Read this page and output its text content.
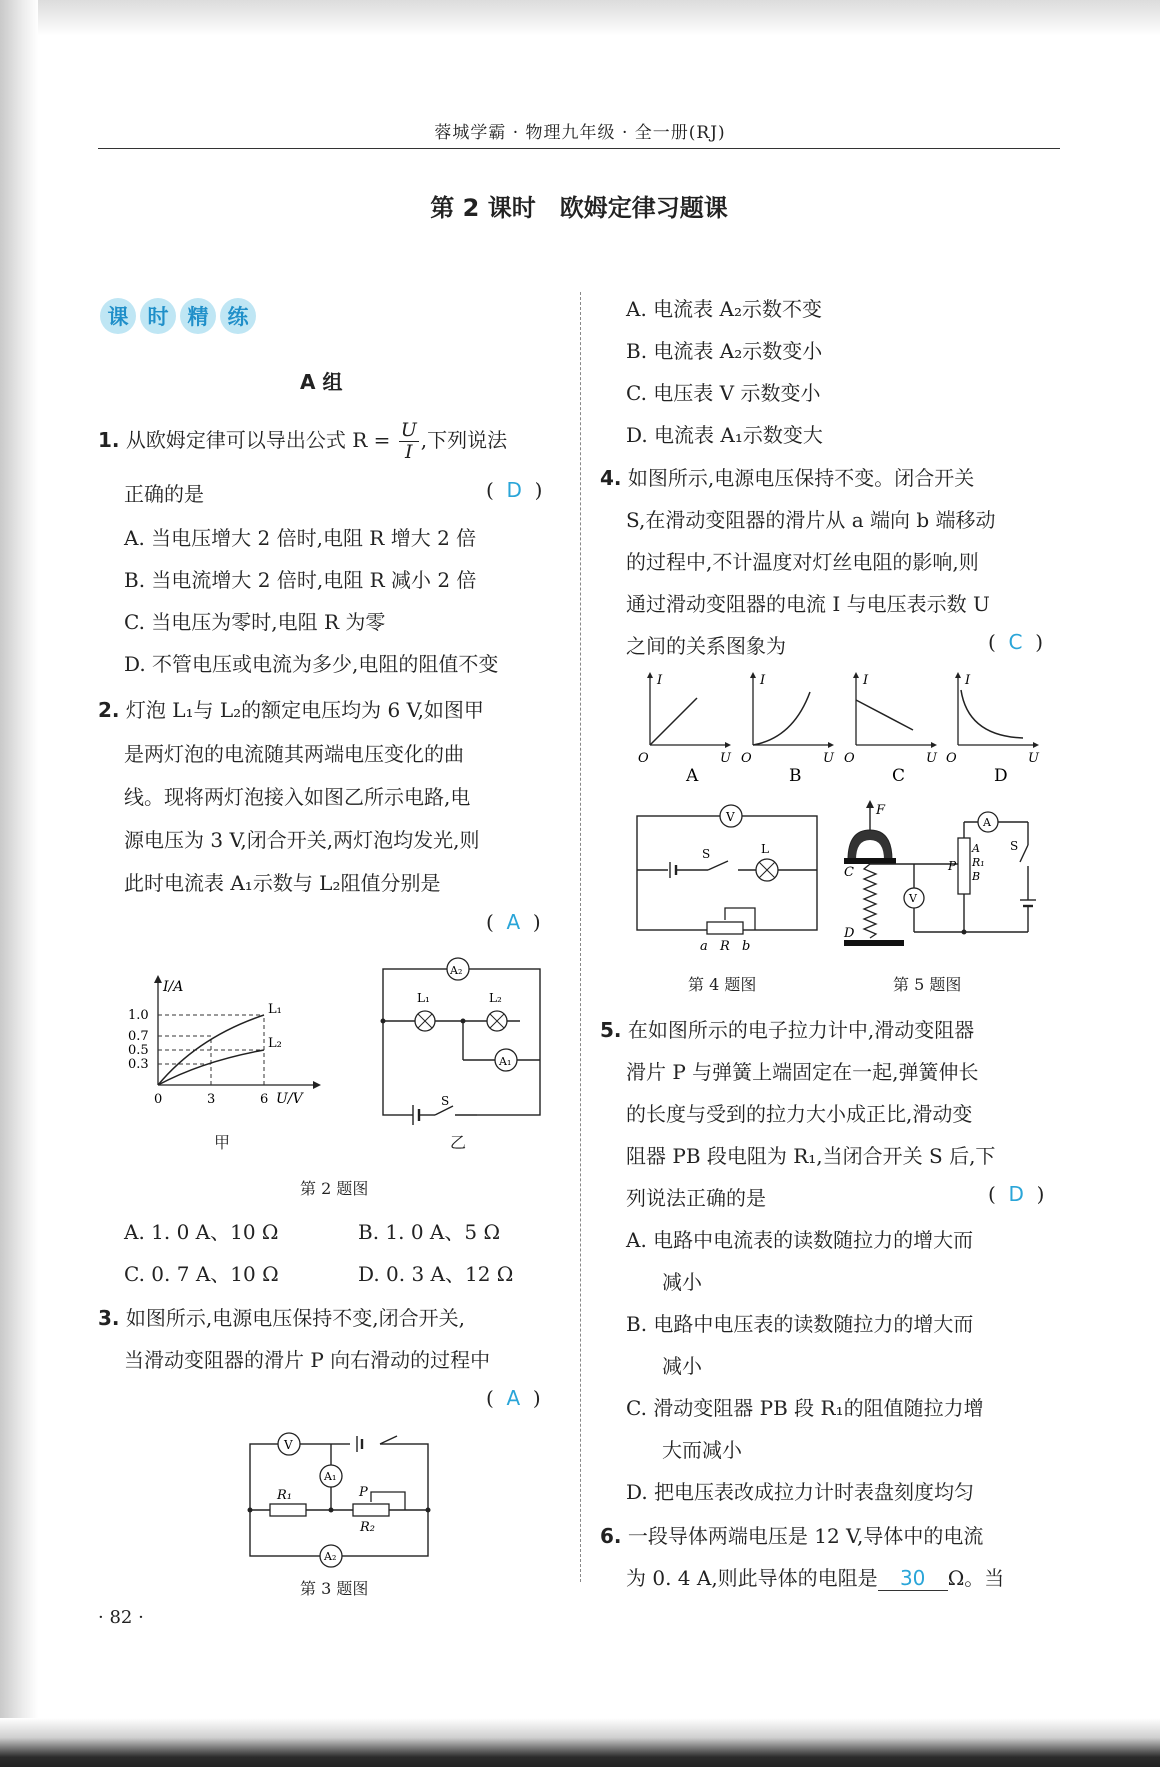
蓉城学霸 · 物理九年级 · 全一册(RJ)
第 2 课时　欧姆定律习题课
课 时 精 练
A 组
1. 从欧姆定律可以导出公式 $R = \frac{U}{I}$ ,下列说法
正确的是	(  D  )
A. 当电压增大 2 倍时,电阻 R 增大 2 倍
B. 当电流增大 2 倍时,电阻 R 减小 2 倍
C. 当电压为零时,电阻 R 为零
D. 不管电压或电流为多少,电阻的阻值不变
2. 灯泡 L₁与 L₂的额定电压均为 6 V,如图甲
是两灯泡的电流随其两端电压变化的曲
线。现将两灯泡接入如图乙所示电路,电
源电压为 3 V,闭合开关,两灯泡均发光,则
此时电流表 A₁示数与 L₂阻值分别是
(  A  )
I/A
U/V
1.0
0.7
0.5
0.3
0	3	6
L₁
L₂
甲
A₂
L₁	L₂
A₁
S
乙
第 2 题图
A. 1. 0 A、10 Ω	B. 1. 0 A、5 Ω
C. 0. 7 A、10 Ω	D. 0. 3 A、12 Ω
3. 如图所示,电源电压保持不变,闭合开关,
当滑动变阻器的滑片 P 向右滑动的过程中
(  A  )
V
A₁
R₁
R₂
P
A₂
第 3 题图
· 82 ·
A. 电流表 A₂示数不变
B. 电流表 A₂示数变小
C. 电压表 V 示数变小
D. 电流表 A₁示数变大
4. 如图所示,电源电压保持不变。闭合开关
S,在滑动变阻器的滑片从 a 端向 b 端移动
的过程中,不计温度对灯丝电阻的影响,则
通过滑动变阻器的电流 I 与电压表示数 U
之间的关系图象为	(  C  )
I
O	U
A
I
O	U
B
I
O	U
C
I
O	U
D
V
S	L
a R b
第 4 题图
F
C
D
P
A
R₁
B
A
S
V
第 5 题图
5. 在如图所示的电子拉力计中,滑动变阻器
滑片 P 与弹簧上端固定在一起,弹簧伸长
的长度与受到的拉力大小成正比,滑动变
阻器 PB 段电阻为 R₁,当闭合开关 S 后,下
列说法正确的是	(  D  )
A. 电路中电流表的读数随拉力的增大而
减小
B. 电路中电压表的读数随拉力的增大而
减小
C. 滑动变阻器 PB 段 R₁的阻值随拉力增
大而减小
D. 把电压表改成拉力计时表盘刻度均匀
6. 一段导体两端电压是 12 V,导体中的电流
为 0. 4 A,则此导体的电阻是 30 Ω。当
